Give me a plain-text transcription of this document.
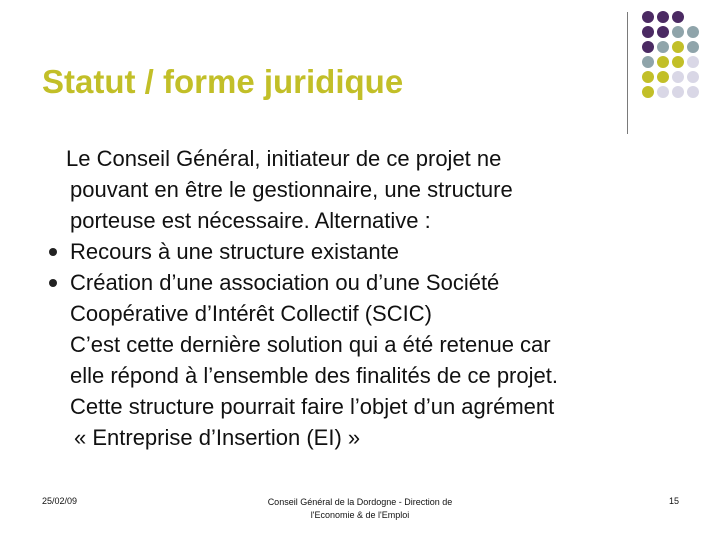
Statut / forme juridique
Le Conseil Général, initiateur de ce projet ne
pouvant en être le gestionnaire, une structure
porteuse est nécessaire. Alternative :
Recours à une structure existante
Création d’une association ou d’une Société
Coopérative d’Intérêt Collectif (SCIC)
C’est cette dernière solution qui a été retenue car
elle répond à l’ensemble des finalités de ce projet.
Cette structure pourrait faire l’objet d’un agrément
« Entreprise d’Insertion (EI) »
25/02/09	Conseil Général de la Dordogne - Direction de
l'Economie & de l'Emploi
15
